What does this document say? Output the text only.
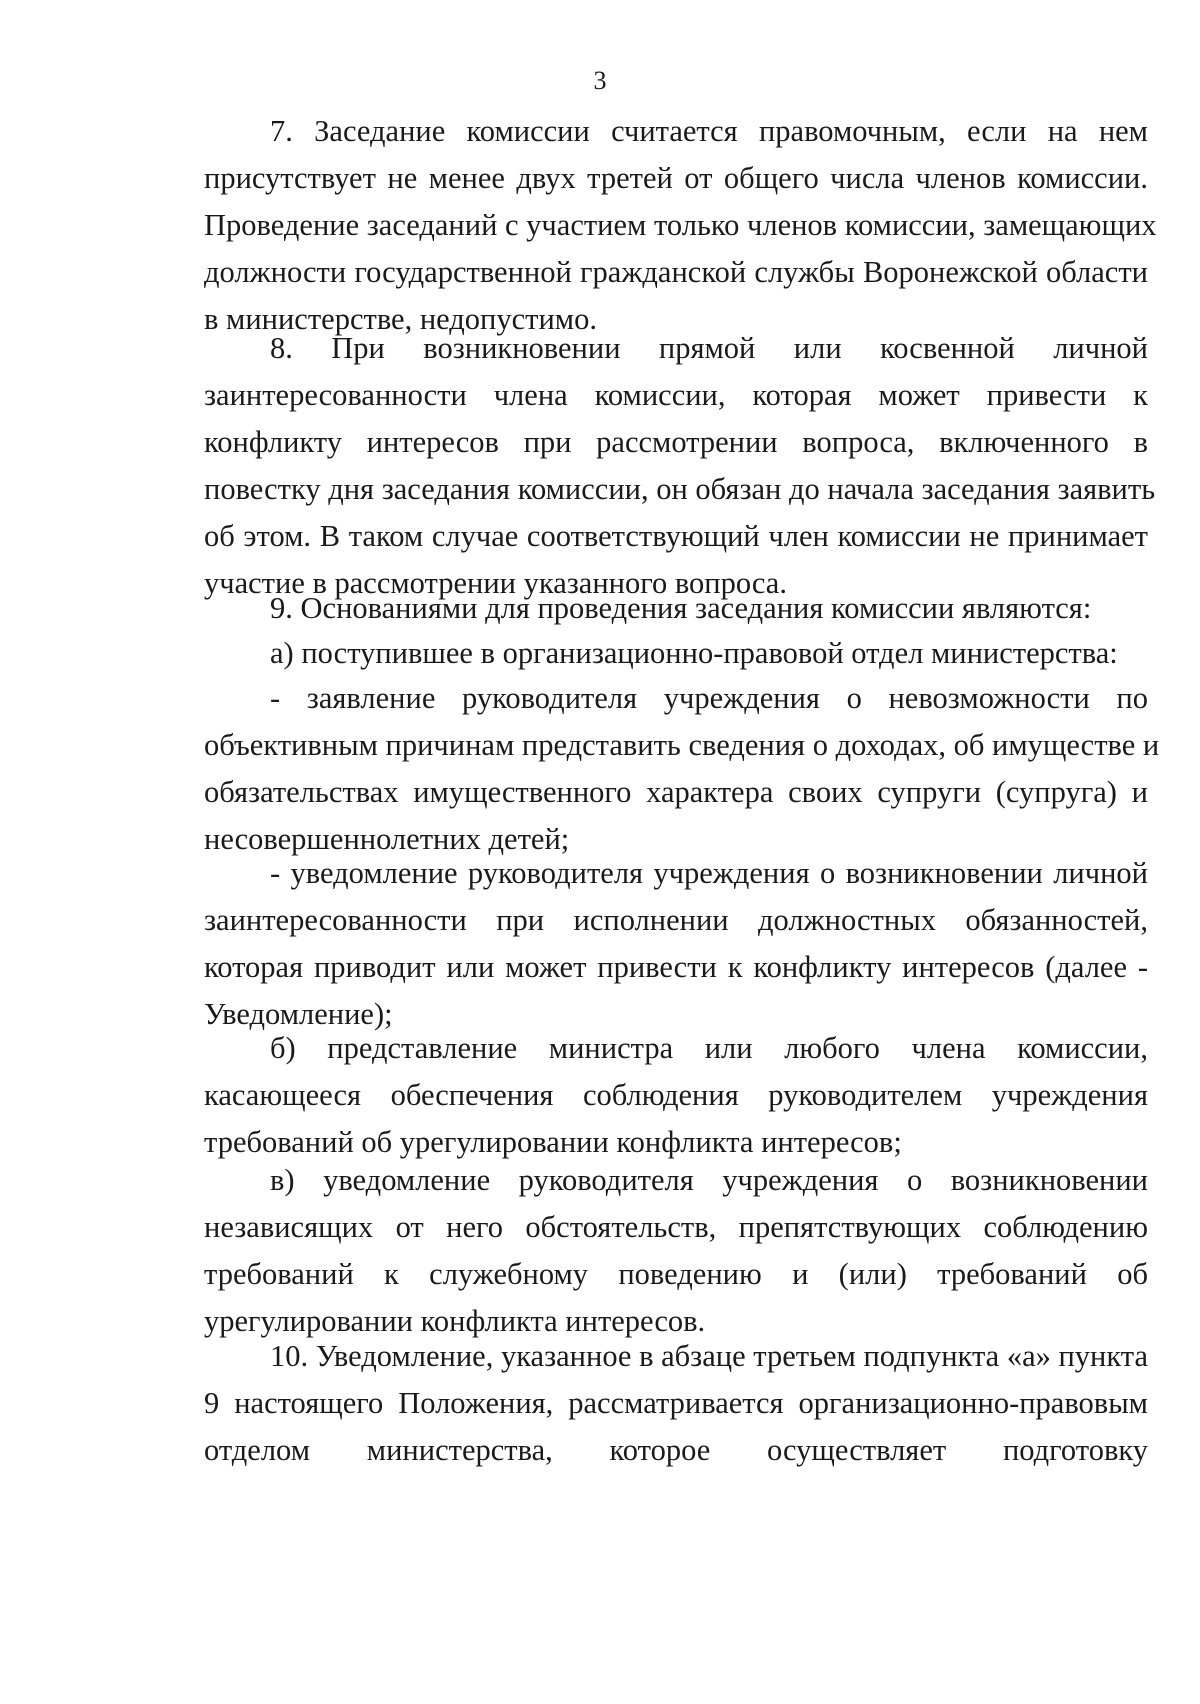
3
7. Заседание комиссии считается правомочным, если на нем
присутствует не менее двух третей от общего числа членов комиссии.
Проведение заседаний с участием только членов комиссии, замещающих
должности государственной гражданской службы Воронежской области
в министерстве, недопустимо.
8. При возникновении прямой или косвенной личной
заинтересованности члена комиссии, которая может привести к
конфликту интересов при рассмотрении вопроса, включенного в
повестку дня заседания комиссии, он обязан до начала заседания заявить
об этом. В таком случае соответствующий член комиссии не принимает
участие в рассмотрении указанного вопроса.
9. Основаниями для проведения заседания комиссии являются:
а) поступившее в организационно-правовой отдел министерства:
- заявление руководителя учреждения о невозможности по
объективным причинам представить сведения о доходах, об имуществе и
обязательствах имущественного характера своих супруги (супруга) и
несовершеннолетних детей;
- уведомление руководителя учреждения о возникновении личной
заинтересованности при исполнении должностных обязанностей,
которая приводит или может привести к конфликту интересов (далее -
Уведомление);
б) представление министра или любого члена комиссии,
касающееся обеспечения соблюдения руководителем учреждения
требований об урегулировании конфликта интересов;
в) уведомление руководителя учреждения о возникновении
независящих от него обстоятельств, препятствующих соблюдению
требований к служебному поведению и (или) требований об
урегулировании конфликта интересов.
10. Уведомление, указанное в абзаце третьем подпункта «а» пункта
9 настоящего Положения, рассматривается организационно-правовым
отделом министерства, которое осуществляет подготовку
